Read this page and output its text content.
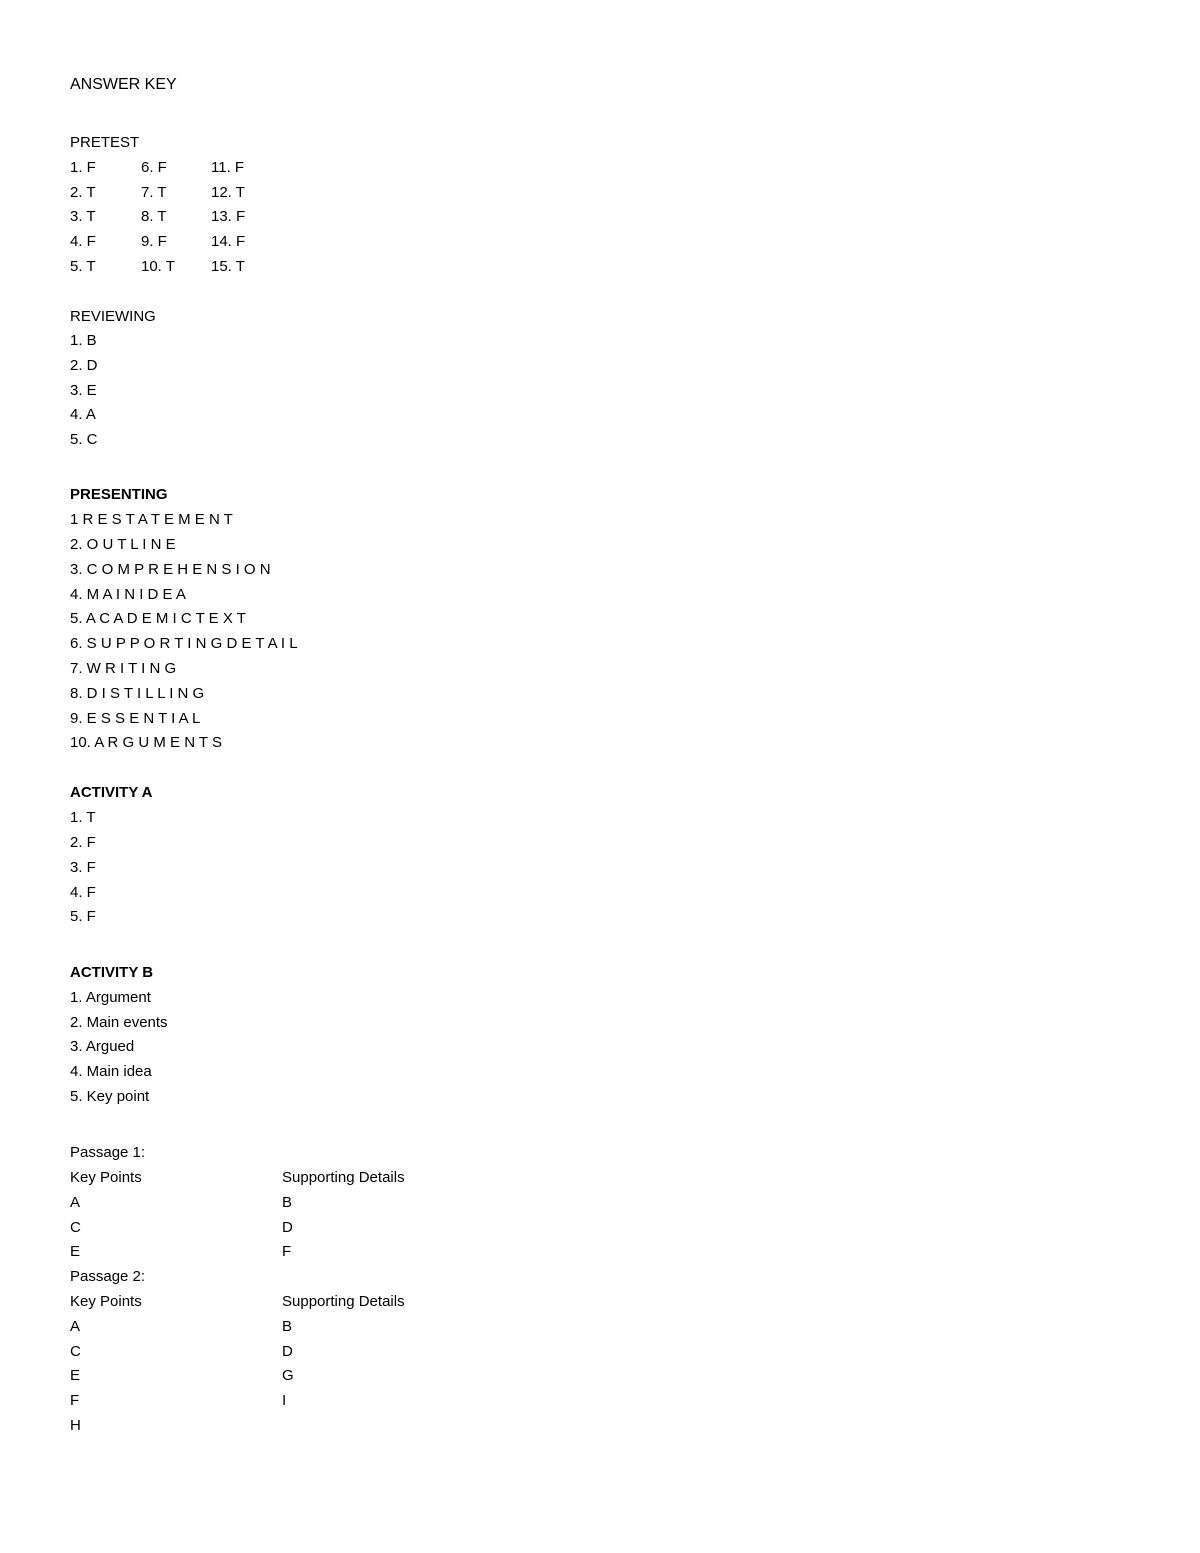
ANSWER KEY
PRETEST
1. F
2. T
3. T
4. F
5. T
6. F
7. T
8. T
9. F
10. T
11. F
12. T
13. F
14. F
15. T
REVIEWING
1. B
2. D
3. E
4. A
5. C
PRESENTING
1 R E S T A T E M E N T
2. O U T L I N E
3. C O M P R E H E N S I O N
4. M A I N I D E A
5. A C A D E M I C T E X T
6. S U P P O R T I N G D E T A I L
7. W R I T I N G
8. D I S T I L L I N G
9. E S S E N T I A L
10. A R G U M E N T S
ACTIVITY A
1. T
2. F
3. F
4. F
5. F
ACTIVITY B
1. Argument
2. Main events
3. Argued
4. Main idea
5. Key point
Passage 1:
Key Points	Supporting Details
A	B
C	D
E	F
Passage 2:
Key Points	Supporting Details
A	B
C	D
E	G
F	I
H
